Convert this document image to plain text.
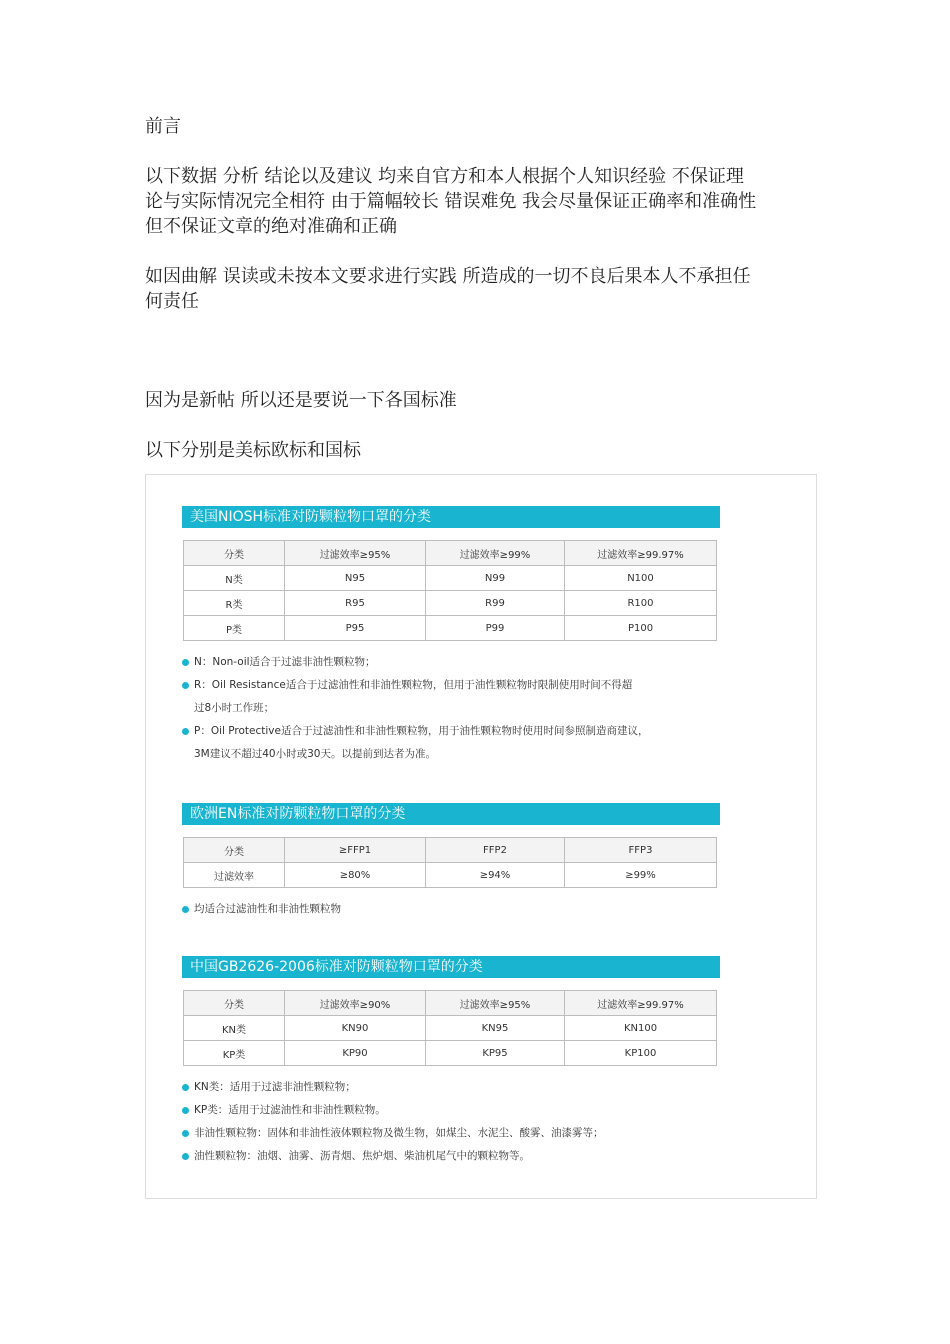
前言

以下数据 分析 结论以及建议 均来自官方和本人根据个人知识经验 不保证理

论与实际情况完全相符 由于篇幅较长 错误难免 我会尽量保证正确率和准确性

但不保证文章的绝对准确和正确

如因曲解 误读或未按本文要求进行实践 所造成的一切不良后果本人不承担任

何责任

因为是新帖 所以还是要说一下各国标准

以下分别是美标欧标和国标

美国NIOSH标准对防颗粒物口罩的分类
分类	过滤效率≥95%	过滤效率≥99%	过滤效率≥99.97%
N类	N95	N99	N100
R类	R95	R99	R100
P类	P95	P99	P100
N：Non-oil适合于过滤非油性颗粒物；
R：Oil Resistance适合于过滤油性和非油性颗粒物，但用于油性颗粒物时限制使用时间不得超
过8小时工作班；
P：Oil Protective适合于过滤油性和非油性颗粒物，用于油性颗粒物时使用时间参照制造商建议，
3M建议不超过40小时或30天。以提前到达者为准。
欧洲EN标准对防颗粒物口罩的分类
分类	≥FFP1	FFP2	FFP3
过滤效率	≥80%	≥94%	≥99%
均适合过滤油性和非油性颗粒物
中国GB2626-2006标准对防颗粒物口罩的分类
分类	过滤效率≥90%	过滤效率≥95%	过滤效率≥99.97%
KN类	KN90	KN95	KN100
KP类	KP90	KP95	KP100
KN类：适用于过滤非油性颗粒物；
KP类：适用于过滤油性和非油性颗粒物。
非油性颗粒物：固体和非油性液体颗粒物及微生物，如煤尘、水泥尘、酸雾、油漆雾等；
油性颗粒物：油烟、油雾、沥青烟、焦炉烟、柴油机尾气中的颗粒物等。
